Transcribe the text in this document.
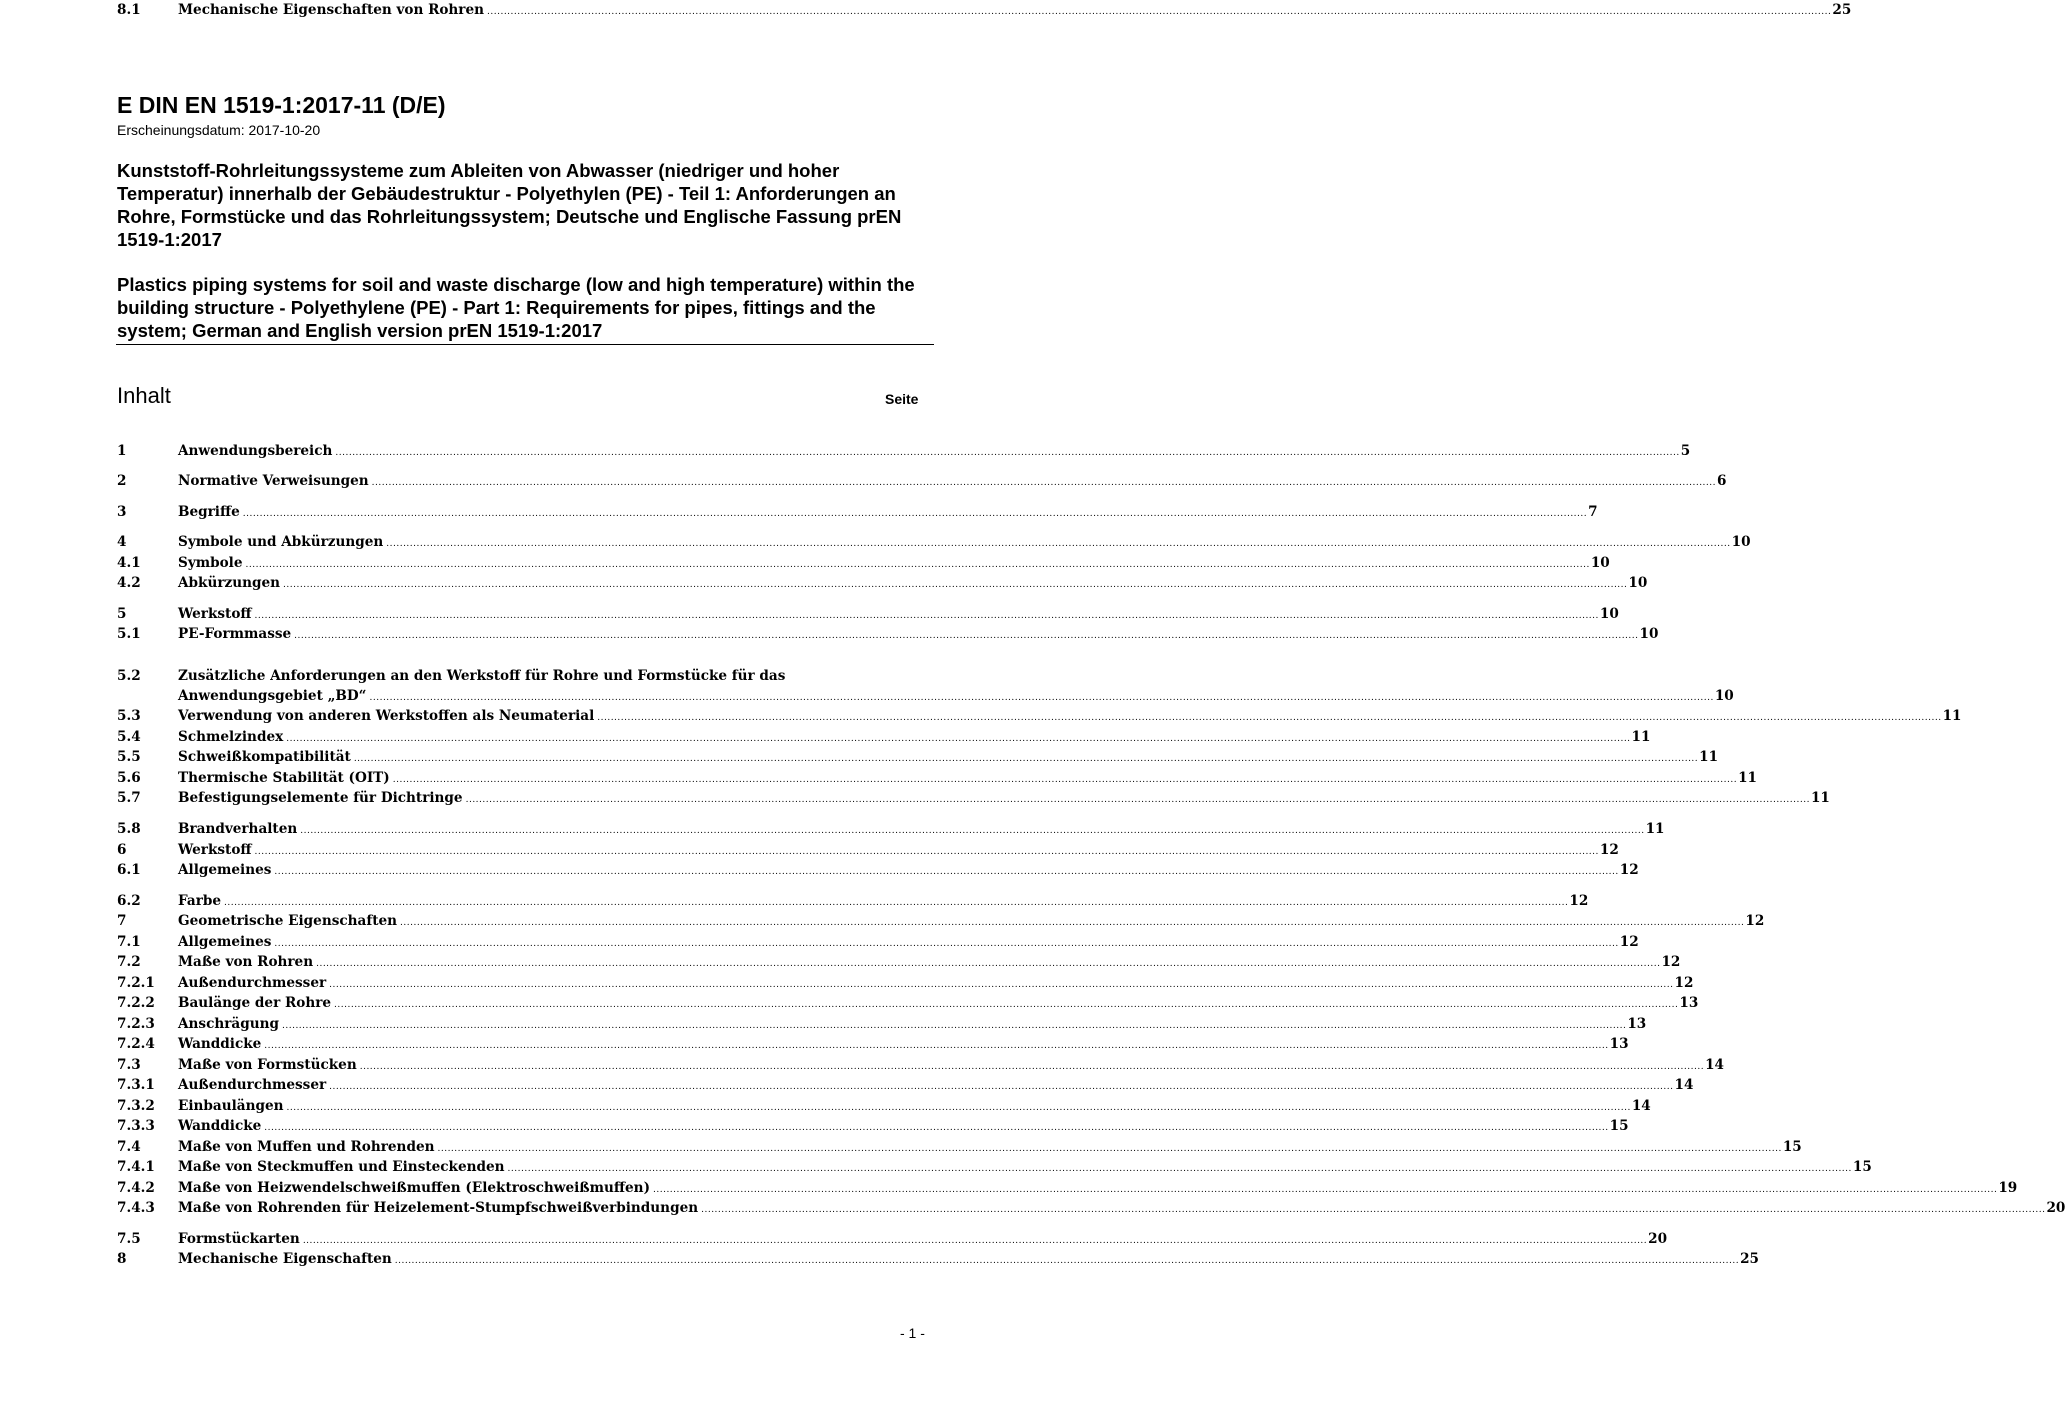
E DIN EN 1519-1:2017-11 (D/E)
Erscheinungsdatum: 2017-10-20
Kunststoff-Rohrleitungssysteme zum Ableiten von Abwasser (niedriger und hoher Temperatur) innerhalb der Gebäudestruktur - Polyethylen (PE) - Teil 1: Anforderungen an Rohre, Formstücke und das Rohrleitungssystem; Deutsche und Englische Fassung prEN 1519-1:2017
Plastics piping systems for soil and waste discharge (low and high temperature) within the building structure - Polyethylene (PE) - Part 1: Requirements for pipes, fittings and the system; German and English version prEN 1519-1:2017
Inhalt	Seite
1	Anwendungsbereich ................................................................................................................................................................................................................................................................................................................................................................................................................ 5
2	Normative Verweisungen ................................................................................................................................................................................................................................................................................................................................................................................................................ 6
3	Begriffe ................................................................................................................................................................................................................................................................................................................................................................................................................ 7
4	Symbole und Abkürzungen ................................................................................................................................................................................................................................................................................................................................................................................................................ 10
4.1	Symbole ................................................................................................................................................................................................................................................................................................................................................................................................................ 10
4.2	Abkürzungen ................................................................................................................................................................................................................................................................................................................................................................................................................ 10
5	Werkstoff ................................................................................................................................................................................................................................................................................................................................................................................................................ 10
5.1	PE-Formmasse ................................................................................................................................................................................................................................................................................................................................................................................................................ 10
5.2	Zusätzliche Anforderungen an den Werkstoff für Rohre und Formstücke für das
Anwendungsgebiet „BD“ ................................................................................................................................................................................................................................................................................................................................................................................................................ 10
5.3	Verwendung von anderen Werkstoffen als Neumaterial ................................................................................................................................................................................................................................................................................................................................................................................................................ 11
5.4	Schmelzindex ................................................................................................................................................................................................................................................................................................................................................................................................................ 11
5.5	Schweißkompatibilität ................................................................................................................................................................................................................................................................................................................................................................................................................ 11
5.6	Thermische Stabilität (OIT) ................................................................................................................................................................................................................................................................................................................................................................................................................ 11
5.7	Befestigungselemente für Dichtringe ................................................................................................................................................................................................................................................................................................................................................................................................................ 11
5.8	Brandverhalten ................................................................................................................................................................................................................................................................................................................................................................................................................ 11
6	Werkstoff ................................................................................................................................................................................................................................................................................................................................................................................................................ 12
6.1	Allgemeines ................................................................................................................................................................................................................................................................................................................................................................................................................ 12
6.2	Farbe ................................................................................................................................................................................................................................................................................................................................................................................................................ 12
7	Geometrische Eigenschaften ................................................................................................................................................................................................................................................................................................................................................................................................................ 12
7.1	Allgemeines ................................................................................................................................................................................................................................................................................................................................................................................................................ 12
7.2	Maße von Rohren ................................................................................................................................................................................................................................................................................................................................................................................................................ 12
7.2.1 Außendurchmesser ................................................................................................................................................................................................................................................................................................................................................................................................................ 12
7.2.2 Baulänge der Rohre ................................................................................................................................................................................................................................................................................................................................................................................................................ 13
7.2.3 Anschrägung ................................................................................................................................................................................................................................................................................................................................................................................................................ 13
7.2.4 Wanddicke ................................................................................................................................................................................................................................................................................................................................................................................................................ 13
7.3	Maße von Formstücken ................................................................................................................................................................................................................................................................................................................................................................................................................ 14
7.3.1 Außendurchmesser ................................................................................................................................................................................................................................................................................................................................................................................................................ 14
7.3.2 Einbaulängen ................................................................................................................................................................................................................................................................................................................................................................................................................ 14
7.3.3 Wanddicke ................................................................................................................................................................................................................................................................................................................................................................................................................ 15
7.4	Maße von Muffen und Rohrenden ................................................................................................................................................................................................................................................................................................................................................................................................................ 15
7.4.1 Maße von Steckmuffen und Einsteckenden ................................................................................................................................................................................................................................................................................................................................................................................................................ 15
7.4.2 Maße von Heizwendelschweißmuffen (Elektroschweißmuffen) ................................................................................................................................................................................................................................................................................................................................................................................................................ 19
7.4.3 Maße von Rohrenden für Heizelement-Stumpfschweißverbindungen ................................................................................................................................................................................................................................................................................................................................................................................................................ 20
7.5	Formstückarten ................................................................................................................................................................................................................................................................................................................................................................................................................ 20
8	Mechanische Eigenschaften ................................................................................................................................................................................................................................................................................................................................................................................................................ 25
8.1	Mechanische Eigenschaften von Rohren ................................................................................................................................................................................................................................................................................................................................................................................................................ 25
- 1 -
